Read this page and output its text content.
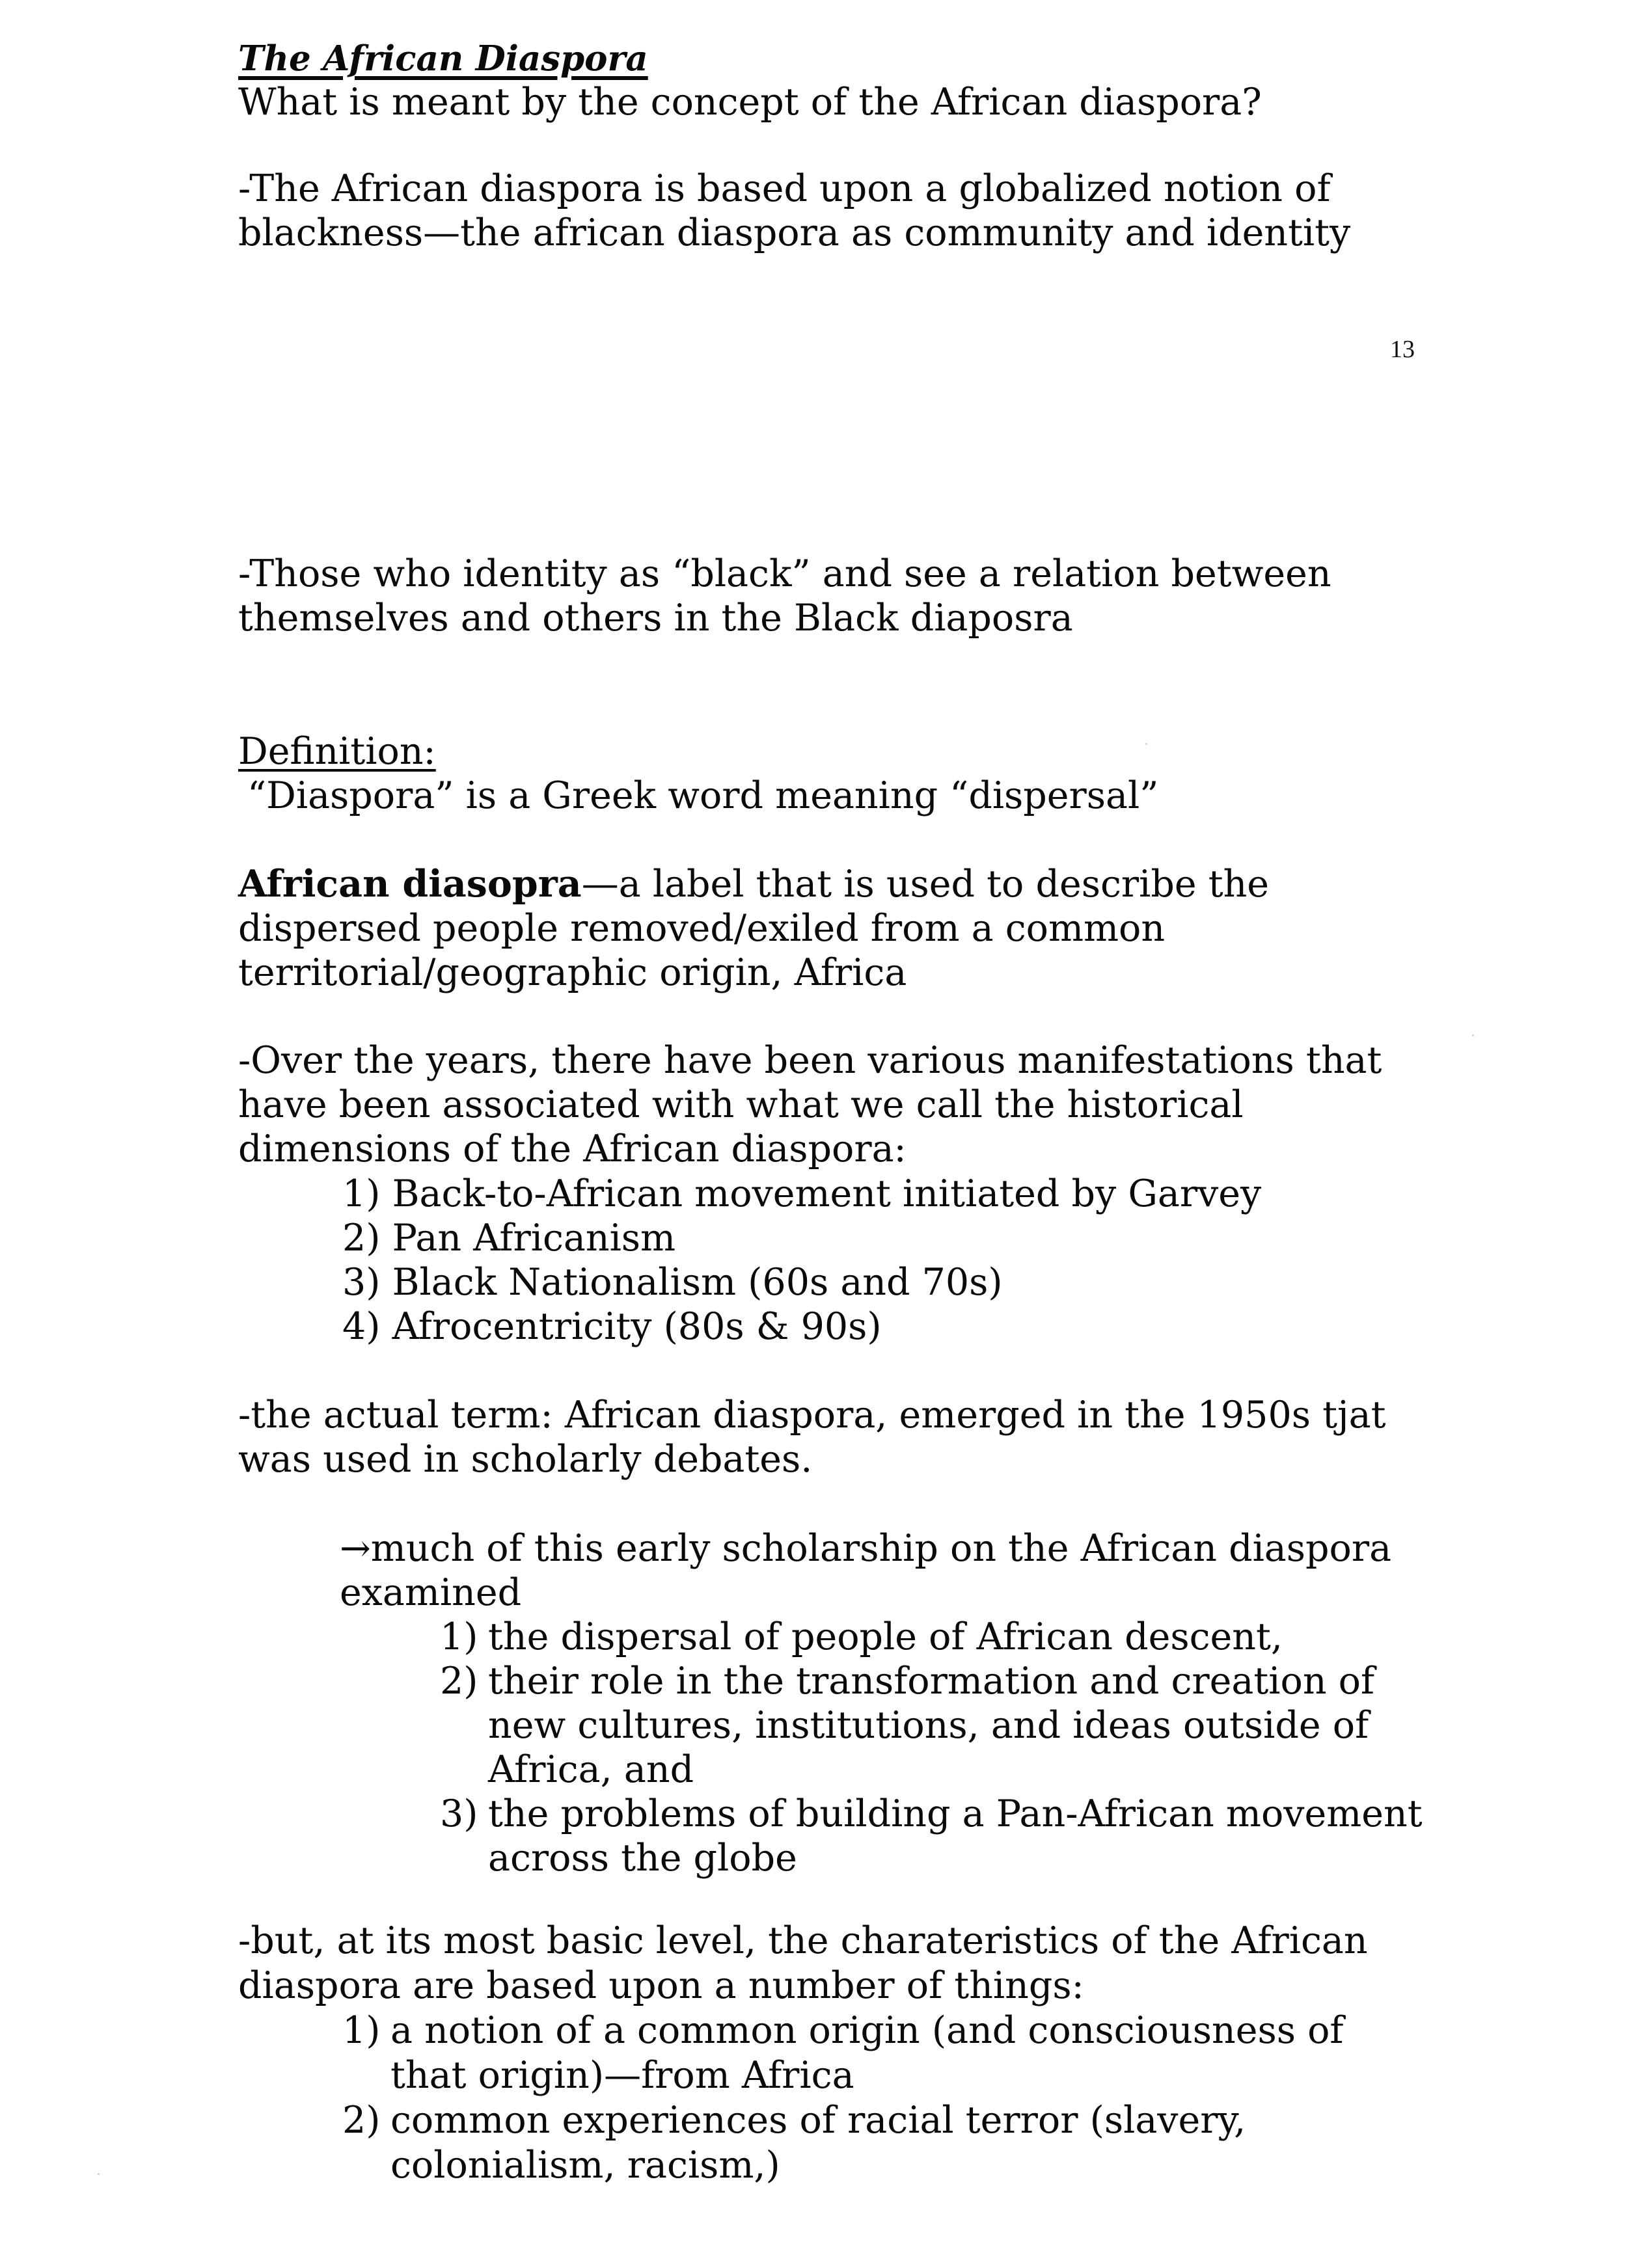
The African Diaspora
What is meant by the concept of the African diaspora?
-The African diaspora is based upon a globalized notion of
blackness—the african diaspora as community and identity
13
-Those who identity as “black” and see a relation between
themselves and others in the Black diaposra
Definition:
“Diaspora” is a Greek word meaning “dispersal”
African diasopra—a label that is used to describe the
dispersed people removed/exiled from a common
territorial/geographic origin, Africa
-Over the years, there have been various manifestations that
have been associated with what we call the historical
dimensions of the African diaspora:
1) Back-to-African movement initiated by Garvey
2) Pan Africanism
3) Black Nationalism (60s and 70s)
4) Afrocentricity (80s & 90s)
-the actual term: African diaspora, emerged in the 1950s tjat
was used in scholarly debates.
→much of this early scholarship on the African diaspora
examined
1) the dispersal of people of African descent,
2) their role in the transformation and creation of
new cultures, institutions, and ideas outside of
Africa, and
3) the problems of building a Pan-African movement
across the globe
-but, at its most basic level, the charateristics of the African
diaspora are based upon a number of things:
1) a notion of a common origin (and consciousness of
that origin)—from Africa
2) common experiences of racial terror (slavery,
colonialism, racism,)
